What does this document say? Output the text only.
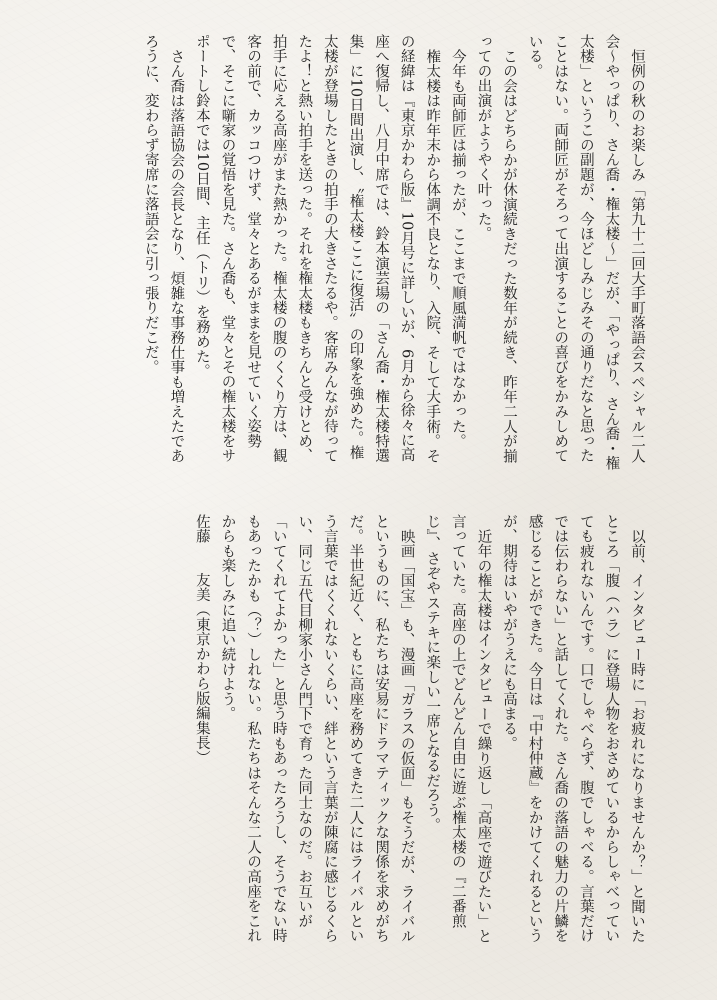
恒例の秋のお楽しみ「第九十二回大手町落語会スペシャル二人会〜やっぱり、さん喬・権太楼〜」だが、「やっぱり、さん喬・権太楼」というこの副題が、今ほどしみじみその通りだなと思ったことはない。両師匠がそろって出演することの喜びをかみしめている。

この会はどちらかが休演続きだった数年が続き、昨年二人が揃っての出演がようやく叶った。

今年も両師匠は揃ったが、ここまで順風満帆ではなかった。

権太楼は昨年末から体調不良となり、入院、そして大手術。その経緯は『東京かわら版』10月号に詳しいが、6月から徐々に高座へ復帰し、八月中席では、鈴本演芸場の「さん喬・権太楼特選集」に10日間出演し、〝権太楼ここに復活〟の印象を強めた。権太楼が登場したときの拍手の大きさたるや。客席みんなが待ってたよ！と熱い拍手を送った。それを権太楼もきちんと受けとめ、拍手に応える高座がまた熱かった。権太楼の腹のくくり方は、観客の前で、カッコつけず、堂々とあるがままを見せていく姿勢で、そこに噺家の覚悟を見た。さん喬も、堂々とその権太楼をサポートし鈴本では10日間、主任（トリ）を務めた。

さん喬は落語協会の会長となり、煩雑な事務仕事も増えたであろうに、変わらず寄席に落語会に引っ張りだこだ。

以前、インタビュー時に「お疲れになりませんか？」と聞いたところ「腹（ハラ）に登場人物をおさめているからしゃべっていても疲れないんです。口でしゃべらず、腹でしゃべる。言葉だけでは伝わらない」と話してくれた。さん喬の落語の魅力の片鱗を感じることができた。今日は『中村仲蔵』をかけてくれるというが、期待はいやがうえにも高まる。

近年の権太楼はインタビューで繰り返し「高座で遊びたい」と言っていた。高座の上でどんどん自由に遊ぶ権太楼の『二番煎じ』、さぞやステキに楽しい一席となるだろう。

映画「国宝」も、漫画「ガラスの仮面」もそうだが、ライバルというものに、私たちは安易にドラマティックな関係を求めがちだ。半世紀近く、ともに高座を務めてきた二人にはライバルという言葉ではくくれないくらい、絆という言葉が陳腐に感じるくらい、同じ五代目柳家小さん門下で育った同士なのだ。お互いが「いてくれてよかった」と思う時もあったろうし、そうでない時もあったかも（？）しれない。私たちはそんな二人の高座をこれからも楽しみに追い続けよう。

佐藤友美（東京かわら版編集長）
